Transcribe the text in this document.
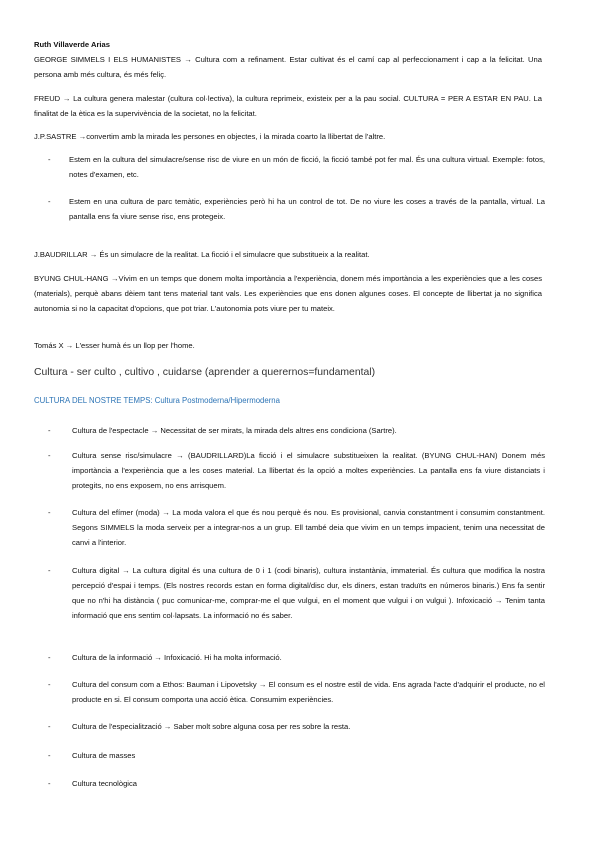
Ruth Villaverde Arias

GEORGE SIMMELS I ELS HUMANISTES → Cultura com a refinament. Estar cultivat és el camí cap al perfeccionament i cap a la felicitat. Una persona amb més cultura, és més feliç.

FREUD → La cultura genera malestar (cultura col·lectiva), la cultura reprimeix, existeix per a la pau social. CULTURA = PER A ESTAR EN PAU. La finalitat de la ètica es la supervivència de la societat, no la felicitat.

J.P.SASTRE →convertim amb la mirada les persones en objectes, i la mirada coarto la llibertat de l'altre.

- Estem en la cultura del simulacre/sense risc de viure en un món de ficció, la ficció també pot fer mal. És una cultura virtual. Exemple: fotos, notes d'examen, etc.
- Estem en una cultura de parc temàtic, experiències però hi ha un control de tot. De no viure les coses a través de la pantalla, virtual. La pantalla ens fa viure sense risc, ens protegeix.

J.BAUDRILLAR → És un simulacre de la realitat. La ficció i el simulacre que substitueix a la realitat.

BYUNG CHUL-HANG →Vivim en un temps que donem molta importància a l'experiència, donem més importància a les experiències que a les coses (materials), perquè abans dèiem tant tens material tant vals. Les experiències que ens donen algunes coses. El concepte de llibertat ja no significa autonomia si no la capacitat d'opcions, que pot triar. L'autonomia pots viure per tu mateix.

Tomás X → L'esser humà és un llop per l'home.

Cultura - ser culto , cultivo , cuidarse (aprender a querernos=fundamental)

CULTURA DEL NOSTRE TEMPS: Cultura Postmoderna/Hipermoderna

-	Cultura de l'espectacle → Necessitat de ser mirats, la mirada dels altres ens condiciona (Sartre).
-	Cultura sense risc/simulacre → (BAUDRILLARD)La ficció i el simulacre substitueixen la realitat. (BYUNG CHUL-HAN) Donem més importància a l'experiència que a les coses material. La llibertat és la opció a moltes experiències. La pantalla ens fa viure distanciats i protegits, no ens exposem, no ens arrisquem.
-	Cultura del efímer (moda) → La moda valora el que és nou perquè és nou. Es provisional, canvia constantment i consumim constantment. Segons SIMMELS la moda serveix per a integrar-nos a un grup. Ell també deia que vivim en un temps impacient, tenim una necessitat de canvi a l'interior.
-	Cultura digital → La cultura digital és una cultura de 0 i 1 (codi binaris), cultura instantània, immaterial. És cultura que modifica la nostra percepció d'espai i temps. (Els nostres records estan en forma digital/disc dur, els diners, estan traduïts en números binaris.) Ens fa sentir que no n'hi ha distància ( puc comunicar-me, comprar-me el que vulgui, en el moment que vulgui i on vulgui ). Infoxicació → Tenim tanta informació que ens sentim col·lapsats. La informació no és saber.
-	Cultura de la informació → Infoxicació. Hi ha molta informació.
-	Cultura del consum com a Ethos: Bauman i Lipovetsky → El consum es el nostre estil de vida. Ens agrada l'acte d'adquirir el producte, no el producte en si. El consum comporta una acció ètica. Consumim experiències.
-	Cultura de l'especialització → Saber molt sobre alguna cosa per res sobre la resta.
-	Cultura de masses
-	Cultura tecnològica
